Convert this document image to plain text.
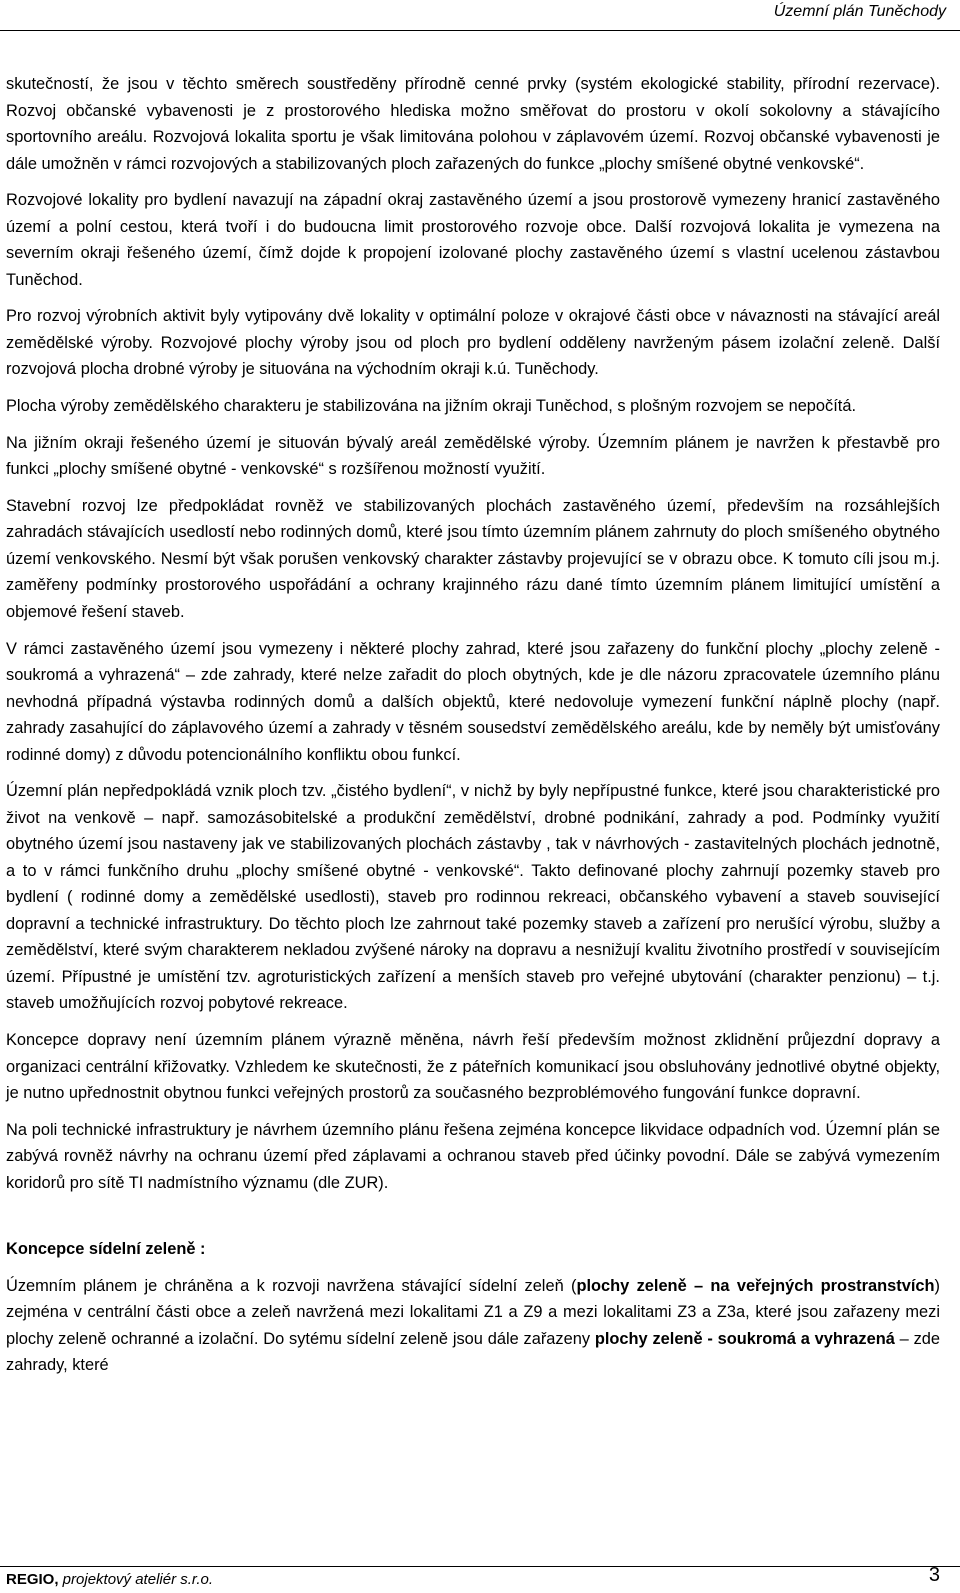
Územní plán Tuněchody

skutečností, že jsou v těchto směrech soustředěny přírodně cenné prvky (systém ekologické stability, přírodní rezervace). Rozvoj občanské vybavenosti je z prostorového hlediska možno směřovat do prostoru v okolí sokolovny a stávajícího sportovního areálu. Rozvojová lokalita sportu je však limitována polohou v záplavovém území. Rozvoj občanské vybavenosti je dále umožněn v rámci rozvojových a stabilizovaných ploch zařazených do funkce „plochy smíšené obytné venkovské“.

Rozvojové lokality pro bydlení navazují na západní okraj zastavěného území a jsou prostorově vymezeny hranicí zastavěného území a polní cestou, která tvoří i do budoucna limit prostorového rozvoje obce. Další rozvojová lokalita je vymezena na severním okraji řešeného území, čímž dojde k propojení izolované plochy zastavěného území s vlastní ucelenou zástavbou Tuněchod.

Pro rozvoj výrobních aktivit byly vytipovány dvě lokality v optimální poloze v okrajové části obce v návaznosti na stávající areál zemědělské výroby. Rozvojové plochy výroby jsou od ploch pro bydlení odděleny navrženým pásem izolační zeleně. Další rozvojová plocha drobné výroby je situována na východním okraji k.ú. Tuněchody.

Plocha výroby zemědělského charakteru je stabilizována na jižním okraji Tuněchod, s plošným rozvojem se nepočítá.

Na jižním okraji řešeného území je situován bývalý areál zemědělské výroby. Územním plánem je navržen k přestavbě pro funkci „plochy smíšené obytné - venkovské“ s rozšířenou možností využití.

Stavební rozvoj lze předpokládat rovněž ve stabilizovaných plochách zastavěného území, především na rozsáhlejších zahradách stávajících usedlostí nebo rodinných domů, které jsou tímto územním plánem zahrnuty do ploch smíšeného obytného území venkovského. Nesmí být však porušen venkovský charakter zástavby projevující se v obrazu obce. K tomuto cíli jsou m.j. zaměřeny podmínky prostorového uspořádání a ochrany krajinného rázu dané tímto územním plánem limitující umístění a objemové řešení staveb.

V rámci zastavěného území jsou vymezeny i některé plochy zahrad, které jsou zařazeny do funkční plochy „plochy zeleně - soukromá a vyhrazená“ – zde zahrady, které nelze zařadit do ploch obytných, kde je dle názoru zpracovatele územního plánu nevhodná případná výstavba rodinných domů a dalších objektů, které nedovoluje vymezení funkční náplně plochy (např. zahrady zasahující do záplavového území a zahrady v těsném sousedství zemědělského areálu, kde by neměly být umisťovány rodinné domy) z důvodu potencionálního konfliktu obou funkcí.

Územní plán nepředpokládá vznik ploch tzv. „čistého bydlení“, v nichž by byly nepřípustné funkce, které jsou charakteristické pro život na venkově – např. samozásobitelské a produkční zemědělství, drobné podnikání, zahrady a pod. Podmínky využití obytného území jsou nastaveny jak ve stabilizovaných plochách zástavby , tak v návrhových - zastavitelných plochách jednotně, a to v rámci funkčního druhu „plochy smíšené obytné - venkovské“. Takto definované plochy zahrnují pozemky staveb pro bydlení ( rodinné domy a zemědělské usedlosti), staveb pro rodinnou rekreaci, občanského vybavení a staveb související dopravní a technické infrastruktury. Do těchto ploch lze zahrnout také pozemky staveb a zařízení pro nerušící výrobu, služby a zemědělství, které svým charakterem nekladou zvýšené nároky na dopravu a nesnižují kvalitu životního prostředí v souvisejícím území. Přípustné je umístění tzv. agroturistických zařízení a menších staveb pro veřejné ubytování (charakter penzionu) – t.j. staveb umožňujících rozvoj pobytové rekreace.

Koncepce dopravy není územním plánem výrazně měněna, návrh řeší především možnost zklidnění průjezdní dopravy a organizaci centrální křižovatky. Vzhledem ke skutečnosti, že z páteřních komunikací jsou obsluhovány jednotlivé obytné objekty, je nutno upřednostnit obytnou funkci veřejných prostorů za současného bezproblémového fungování funkce dopravní.

Na poli technické infrastruktury je návrhem územního plánu řešena zejména koncepce likvidace odpadních vod. Územní plán se zabývá rovněž návrhy na ochranu území před záplavami a ochranou staveb před účinky povodní. Dále se zabývá vymezením koridorů pro sítě TI nadmístního významu (dle ZUR).

Koncepce sídelní zeleně :

Územním plánem je chráněna a k rozvoji navržena stávající sídelní zeleň (plochy zeleně – na veřejných prostranstvích) zejména v centrální části obce a zeleň navržená mezi lokalitami Z1 a Z9 a mezi lokalitami Z3 a Z3a, které jsou zařazeny mezi plochy zeleně ochranné a izolační. Do sytému sídelní zeleně jsou dále zařazeny plochy zeleně - soukromá a vyhrazená – zde zahrady, které

REGIO, projektový ateliér s.r.o.	3
